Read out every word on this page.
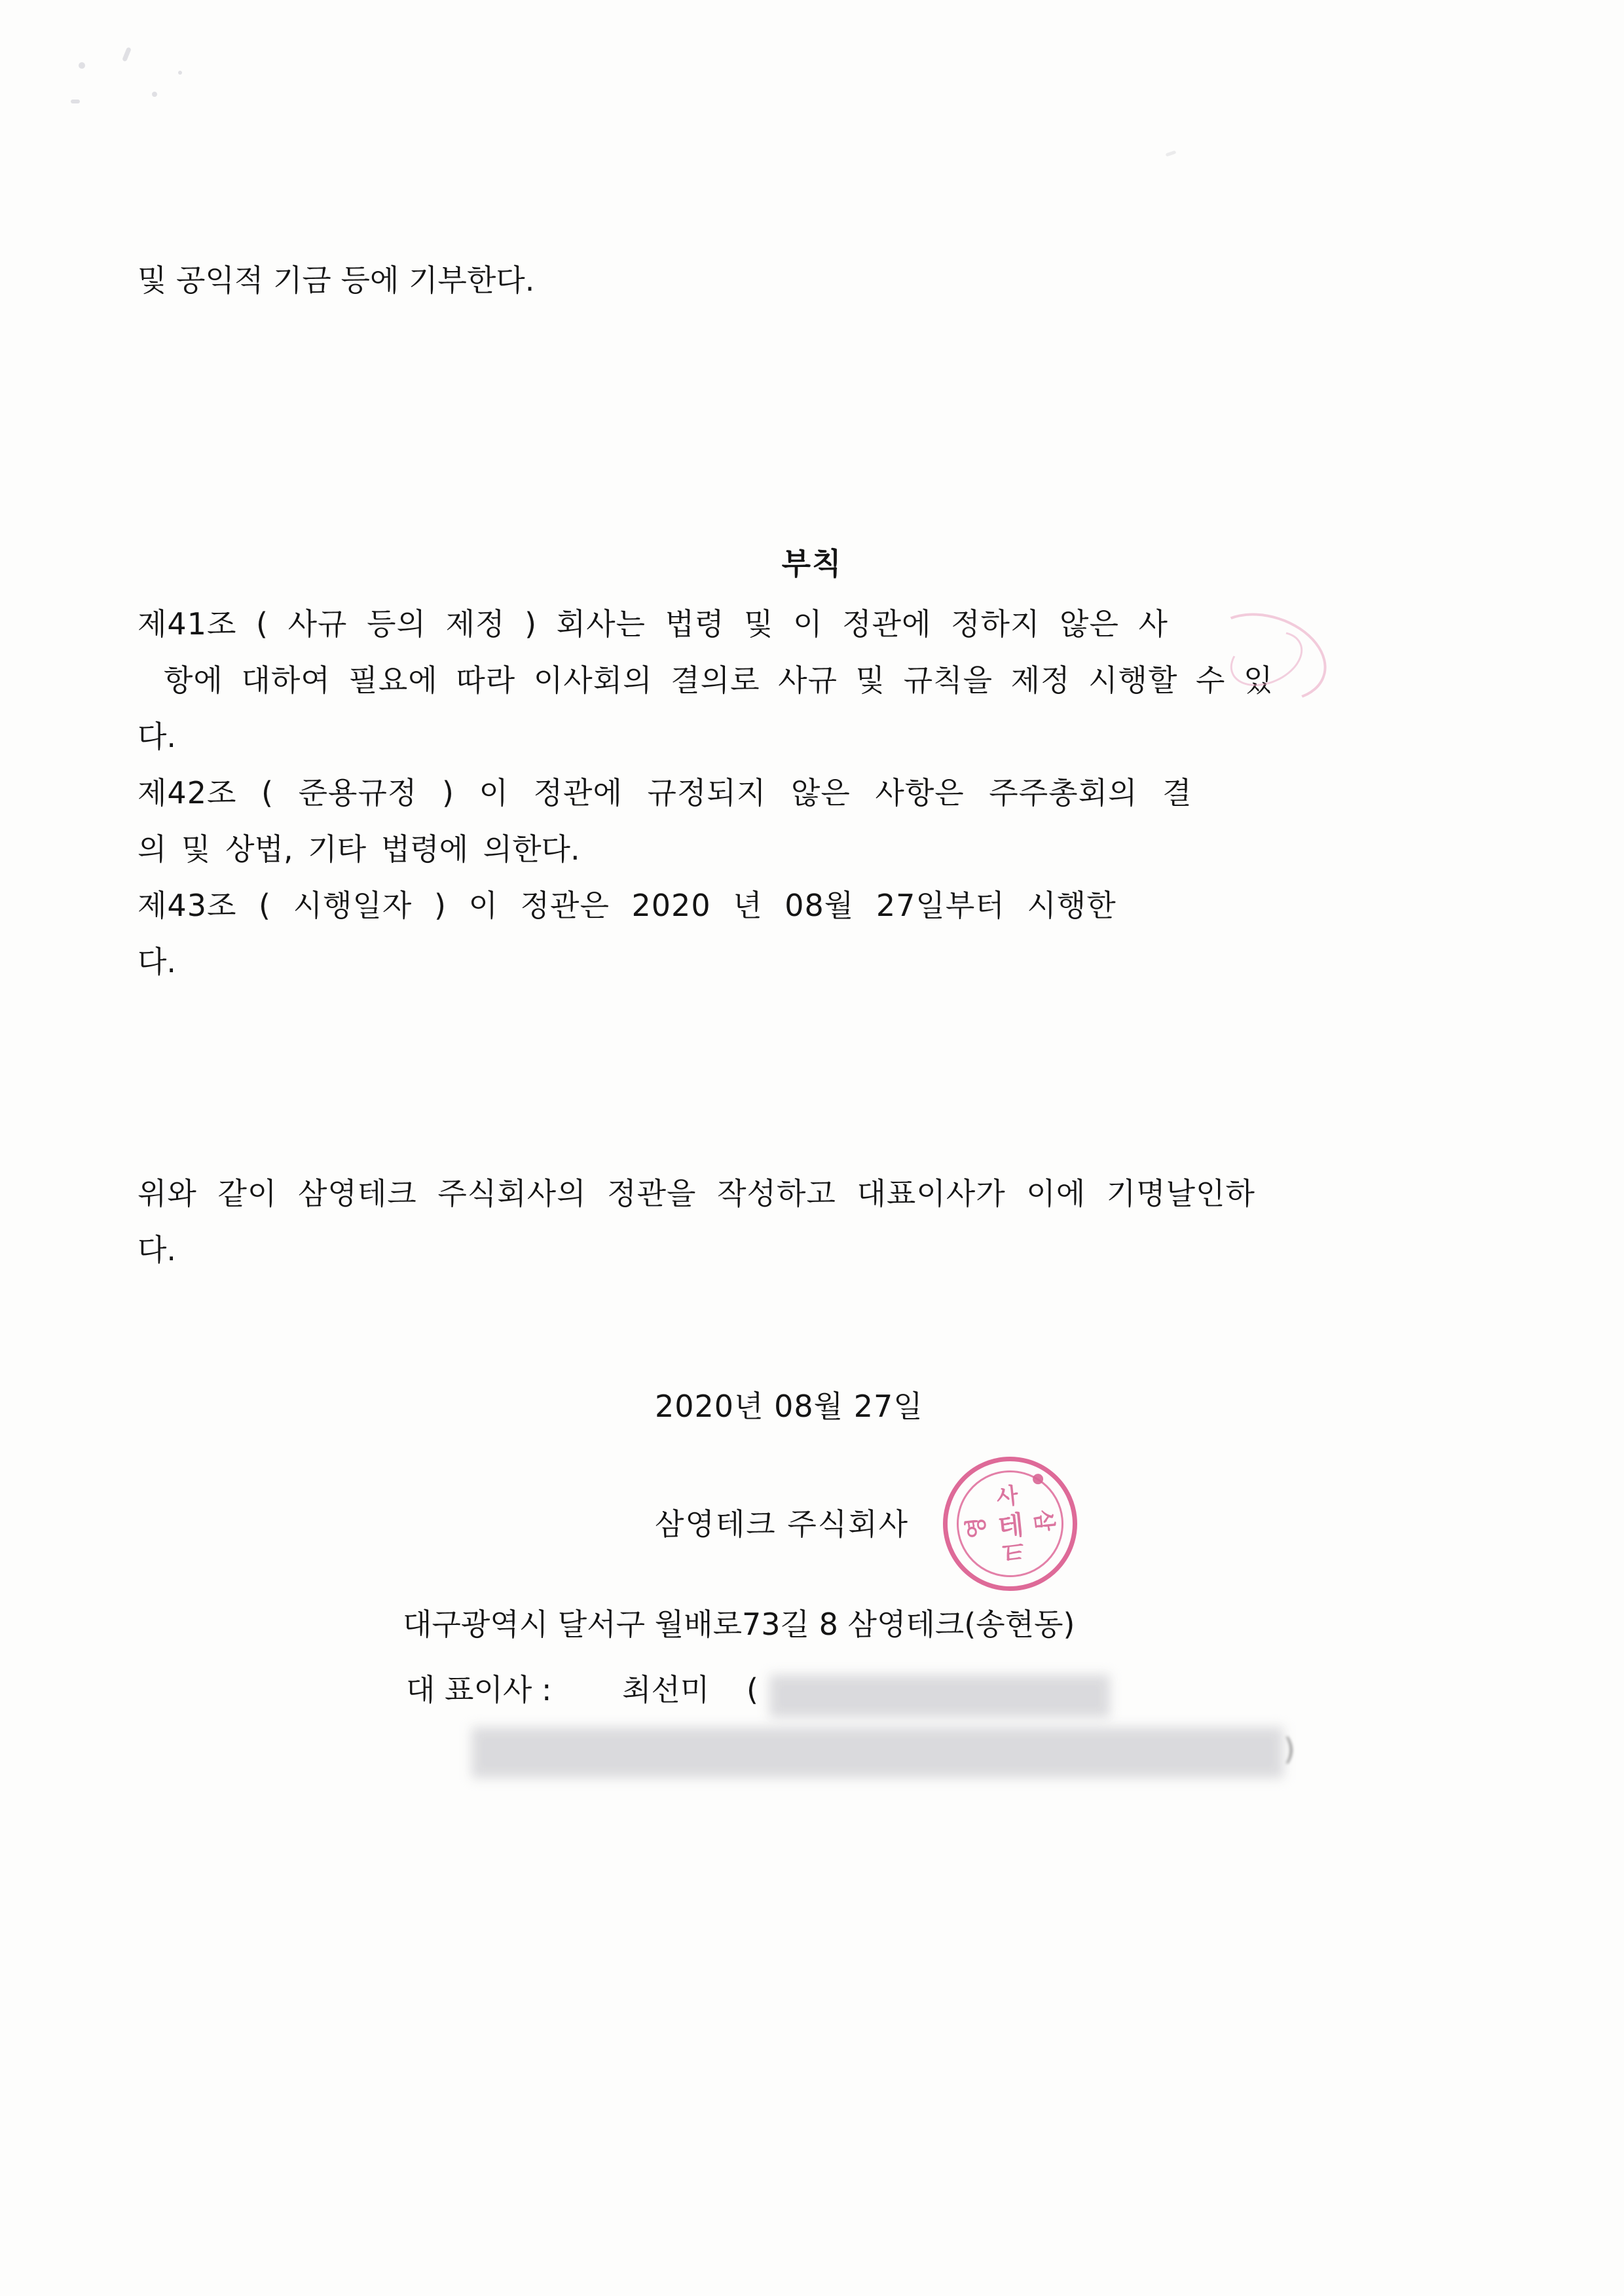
및 공익적 기금 등에 기부한다.
부칙
제41조 ( 사규 등의 제정 ) 회사는 법령 및 이 정관에 정하지 않은 사
항에 대하여 필요에 따라 이사회의 결의로 사규 및 규칙을 제정 시행할 수 있
다.
제42조 ( 준용규정 ) 이 정관에 규정되지 않은 사항은 주주총회의 결
의 및 상법, 기타 법령에 의한다.
제43조 ( 시행일자 ) 이 정관은 2020 년 08월 27일부터 시행한
다.
위와 같이 삼영테크 주식회사의 정관을 작성하고 대표이사가 이에 기명날인하
다.
2020년 08월 27일
삼영테크 주식회사
대구광역시 달서구 월배로73길 8 삼영테크(송현동)
대 표이사 : 최선미 (
)
사
삼
크
영 테
